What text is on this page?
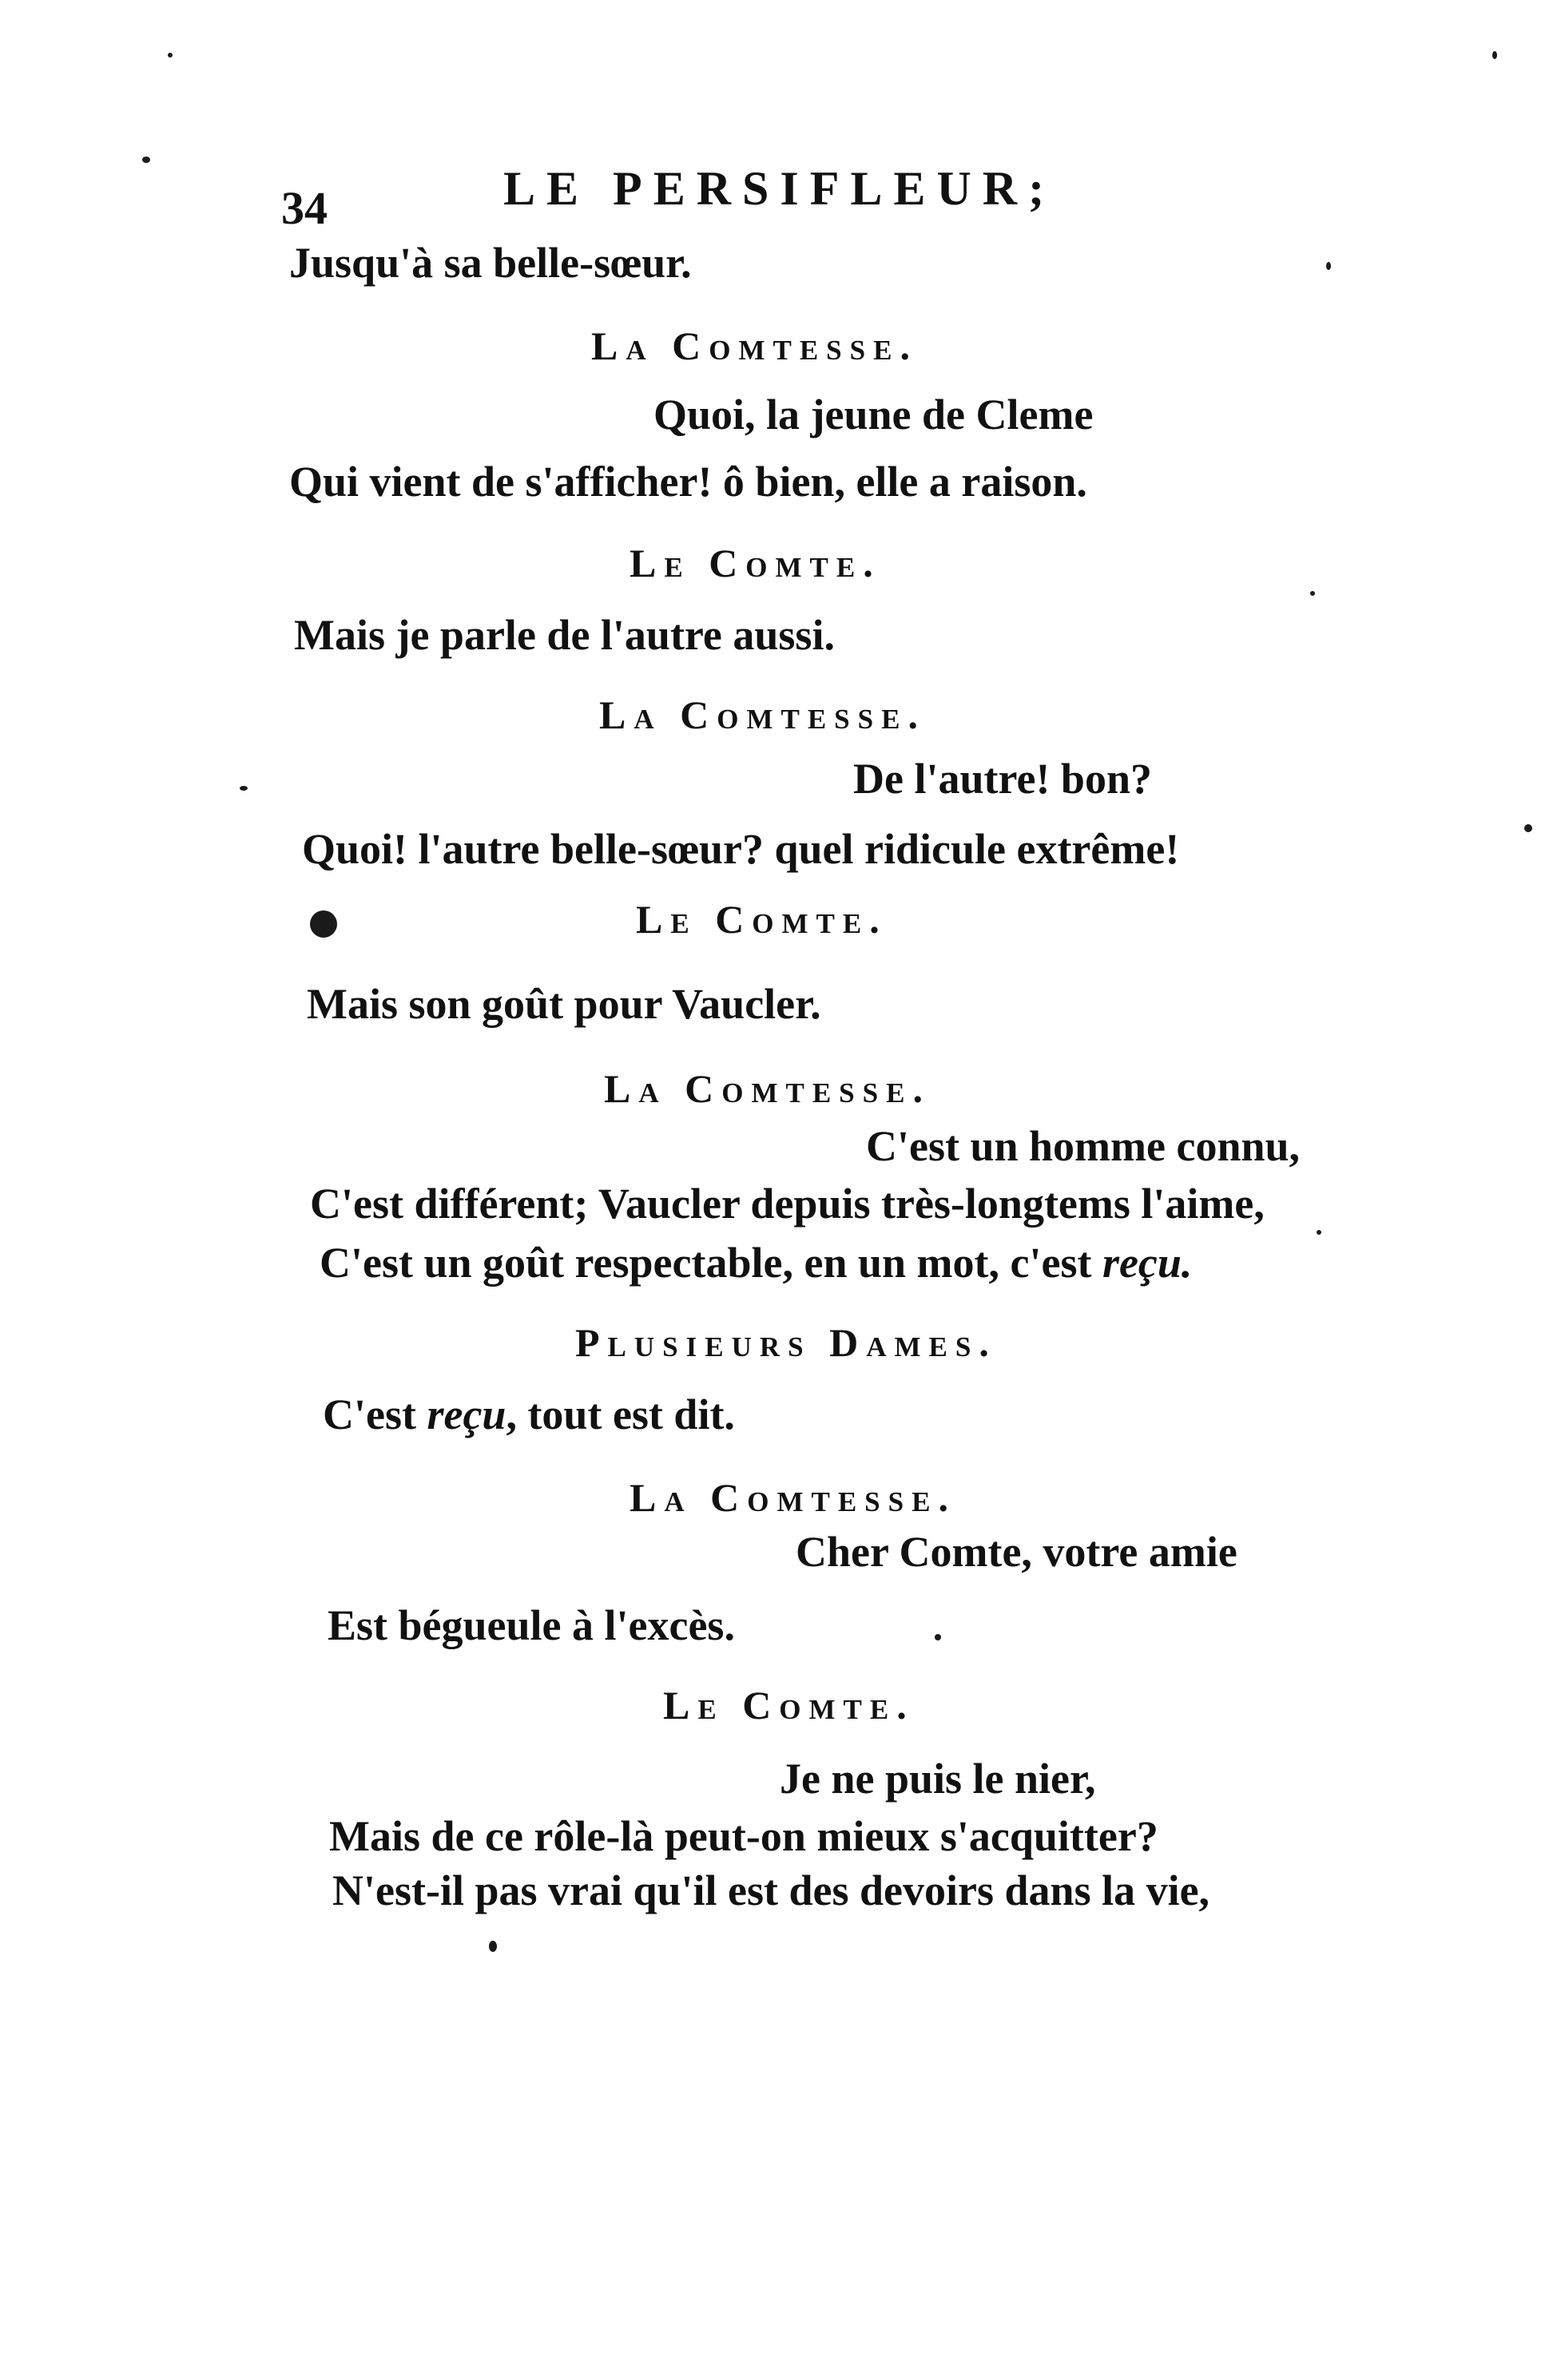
34	LE PERSIFLEUR;
Jusqu'à sa belle-sœur.
La Comtesse.
Quoi, la jeune de Cleme
Qui vient de s'afficher! ô bien, elle a raison.
Le Comte.
Mais je parle de l'autre aussi.
La Comtesse.
De l'autre! bon?
Quoi! l'autre belle-sœur? quel ridicule extrême!
Le Comte.
Mais son goût pour Vaucler.
La Comtesse.
C'est un homme connu,
C'est différent; Vaucler depuis très-longtems l'aime,
C'est un goût respectable, en un mot, c'est reçu.
Plusieurs Dames.
C'est reçu, tout est dit.
La Comtesse.
Cher Comte, votre amie
Est bégueule à l'excès.
Le Comte.
Je ne puis le nier,
Mais de ce rôle-là peut-on mieux s'acquitter?
N'est-il pas vrai qu'il est des devoirs dans la vie,
